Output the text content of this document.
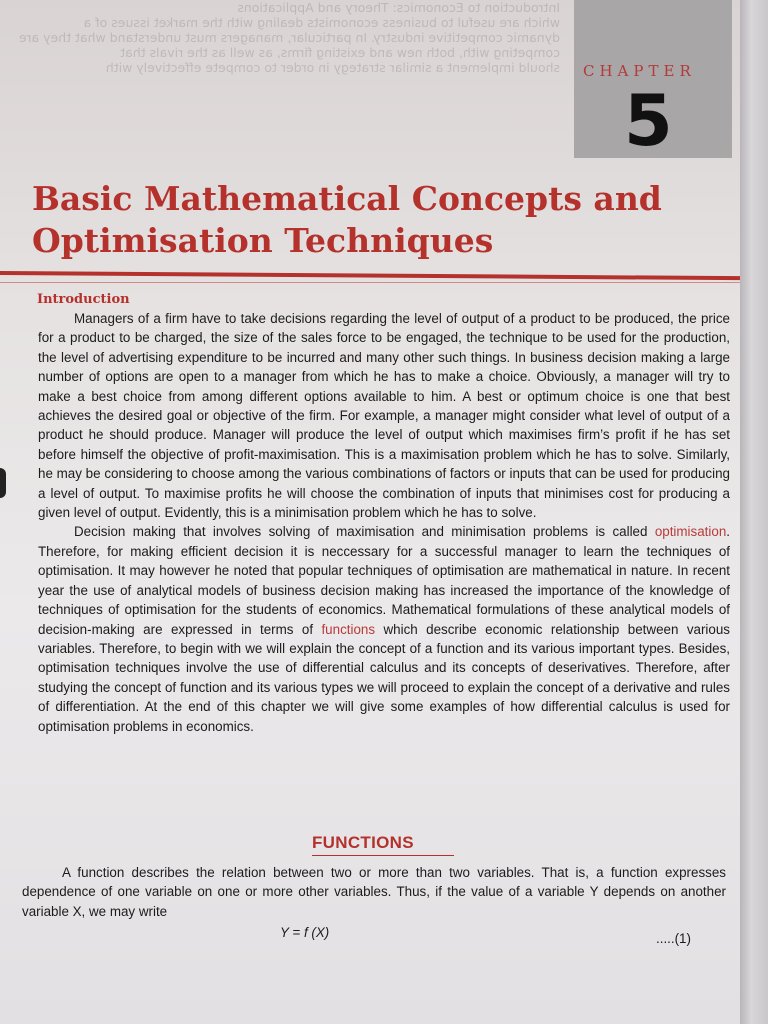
Introduction to Economics: Theory and Applications

which are useful to business economists dealing with the market issues of a

dynamic competitive industry. In particular, managers must understand what they are

competing with, both new and existing firms, as well as the rivals that

should implement a similar strategy in order to compete effectively with	CHAPTER

5

Basic Mathematical Concepts and
Optimisation Techniques
Introduction

Managers of a firm have to take decisions regarding the level of output of a product to be produced, the price for a product to be charged, the size of the sales force to be engaged, the technique to be used for the production, the level of advertising expenditure to be incurred and many other such things. In business decision making a large number of options are open to a manager from which he has to make a choice. Obviously, a manager will try to make a best choice from among different options available to him. A best or optimum choice is one that best achieves the desired goal or objective of the firm. For example, a manager might consider what level of output of a product he should produce. Manager will produce the level of output which maximises firm’s profit if he has set before himself the objective of profit-maximisation. This is a maximisation problem which he has to solve. Similarly, he may be considering to choose among the various combinations of factors or inputs that can be used for producing a level of output. To maximise profits he will choose the combination of inputs that minimises cost for producing a given level of output. Evidently, this is a minimisation problem which he has to solve.

Decision making that involves solving of maximisation and minimisation problems is called optimisation. Therefore, for making efficient decision it is neccessary for a successful manager to learn the techniques of optimisation. It may however he noted that popular techniques of optimisation are mathematical in nature. In recent year the use of analytical models of business decision making has increased the importance of the knowledge of techniques of optimisation for the students of economics. Mathematical formulations of these analytical models of decision-making are expressed in terms of functions which describe economic relationship between various variables. Therefore, to begin with we will explain the concept of a function and its various important types. Besides, optimisation techniques involve the use of differential calculus and its concepts of deserivatives. Therefore, after studying the concept of function and its various types we will proceed to explain the concept of a derivative and rules of differentiation. At the end of this chapter we will give some examples of how differential calculus is used for optimisation problems in economics.

FUNCTIONS

A function describes the relation between two or more than two variables. That is, a function expresses dependence of one variable on one or more other variables. Thus, if the value of a variable Y depends on another variable X, we may write

Y = f (X)	.....(1)
